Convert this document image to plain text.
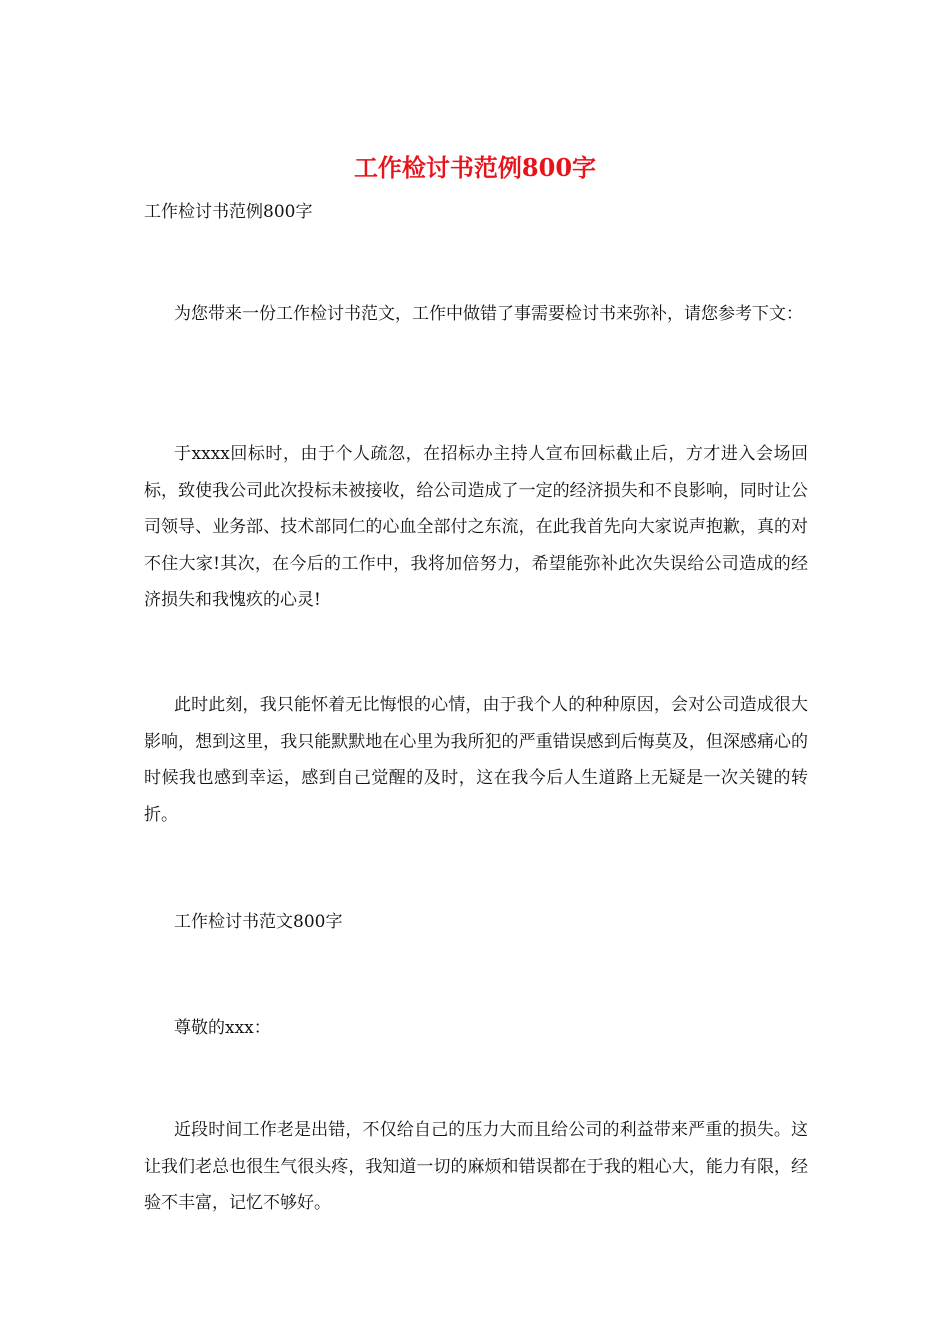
工作检讨书范例800字
工作检讨书范例800字

为您带来一份工作检讨书范文，工作中做错了事需要检讨书来弥补，请您参考下文：

于xxxx回标时，由于个人疏忽，在招标办主持人宣布回标截止后，方才进入会场回标，致使我公司此次投标未被接收，给公司造成了一定的经济损失和不良影响，同时让公司领导、业务部、技术部同仁的心血全部付之东流，在此我首先向大家说声抱歉，真的对不住大家!其次，在今后的工作中，我将加倍努力，希望能弥补此次失误给公司造成的经济损失和我愧疚的心灵!

此时此刻，我只能怀着无比悔恨的心情，由于我个人的种种原因，会对公司造成很大影响，想到这里，我只能默默地在心里为我所犯的严重错误感到后悔莫及，但深感痛心的时候我也感到幸运，感到自己觉醒的及时，这在我今后人生道路上无疑是一次关键的转折。

工作检讨书范文800字

尊敬的xxx：

近段时间工作老是出错，不仅给自己的压力大而且给公司的利益带来严重的损失。这让我们老总也很生气很头疼，我知道一切的麻烦和错误都在于我的粗心大，能力有限，经验不丰富，记忆不够好。
